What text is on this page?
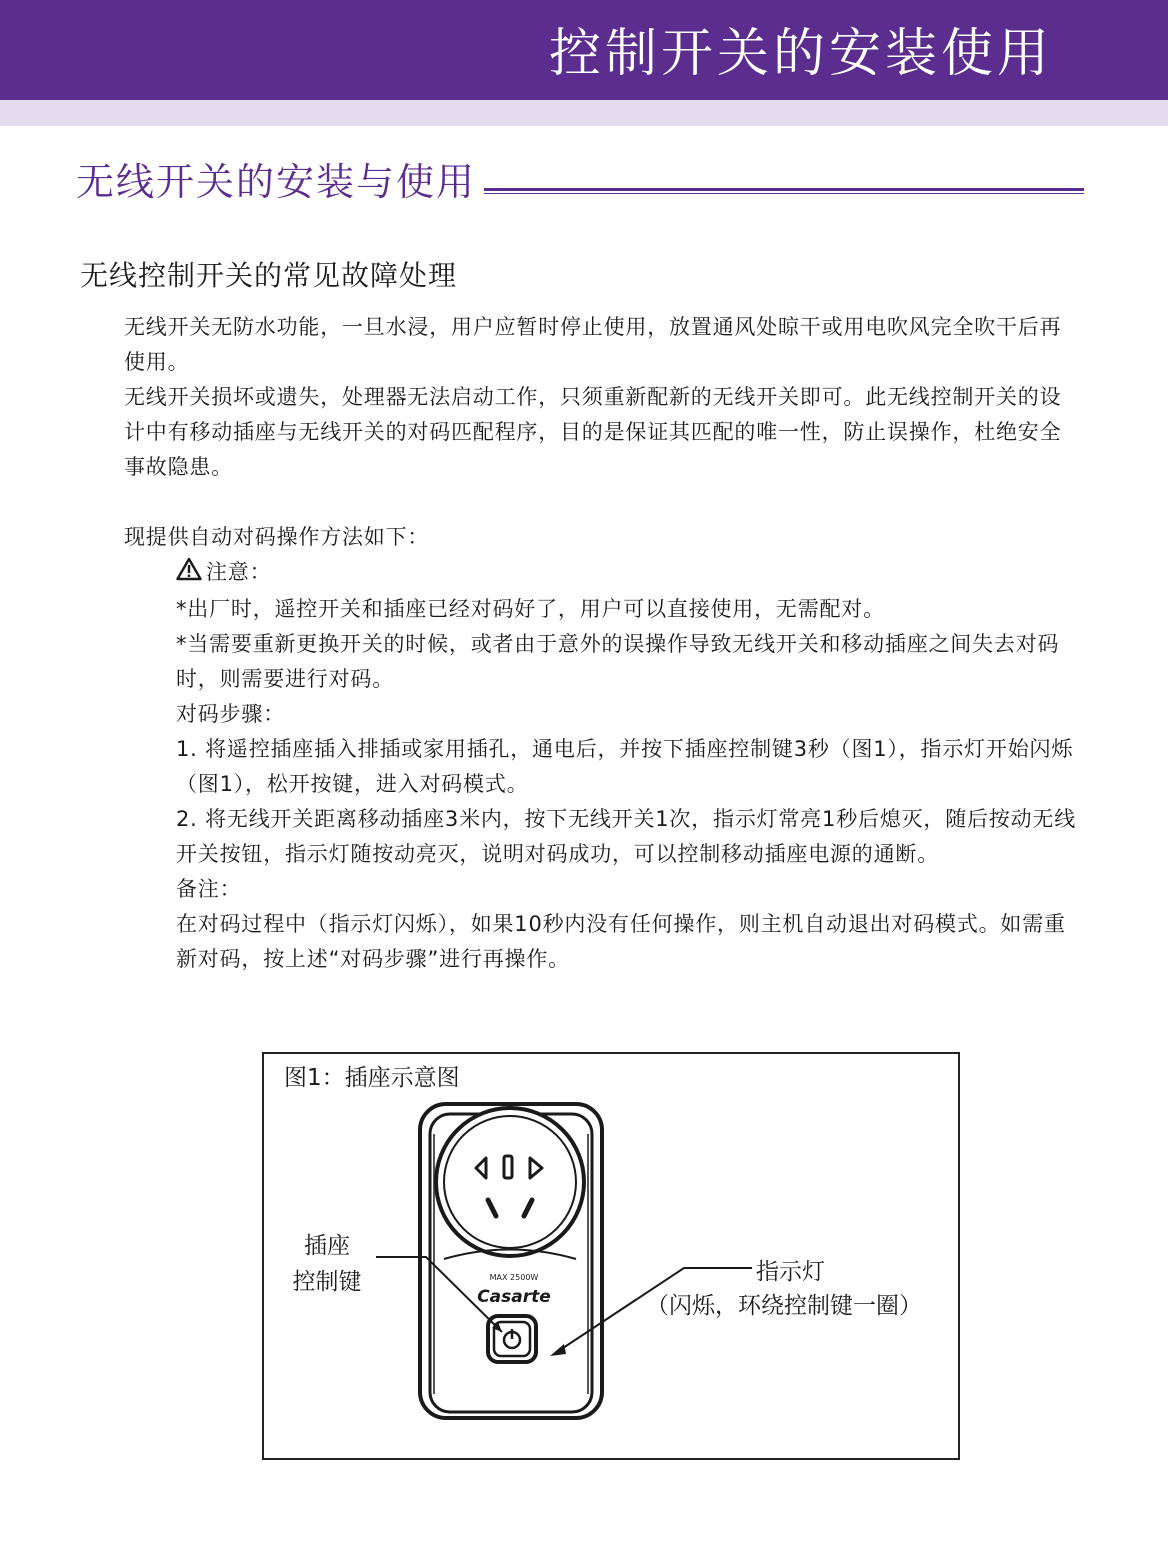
控制开关的安装使用
无线开关的安装与使用
无线控制开关的常见故障处理

无线开关无防水功能，一旦水浸，用户应暂时停止使用，放置通风处晾干或用电吹风完全吹干后再使用。

无线开关损坏或遗失，处理器无法启动工作，只须重新配新的无线开关即可。此无线控制开关的设计中有移动插座与无线开关的对码匹配程序，目的是保证其匹配的唯一性，防止误操作，杜绝安全事故隐患。

现提供自动对码操作方法如下：

注意：

*出厂时，遥控开关和插座已经对码好了，用户可以直接使用，无需配对。

*当需要重新更换开关的时候，或者由于意外的误操作导致无线开关和移动插座之间失去对码时，则需要进行对码。

对码步骤：

1. 将遥控插座插入排插或家用插孔，通电后，并按下插座控制键3秒（图1），指示灯开始闪烁（图1），松开按键，进入对码模式。

2. 将无线开关距离移动插座3米内，按下无线开关1次，指示灯常亮1秒后熄灭，随后按动无线开关按钮，指示灯随按动亮灭，说明对码成功，可以控制移动插座电源的通断。

备注：

在对码过程中（指示灯闪烁），如果10秒内没有任何操作，则主机自动退出对码模式。如需重新对码，按上述“对码步骤”进行再操作。

MAX 2500W
Casarte
图1：插座示意图
插座
控制键	指示灯
（闪烁，环绕控制键一圈）
